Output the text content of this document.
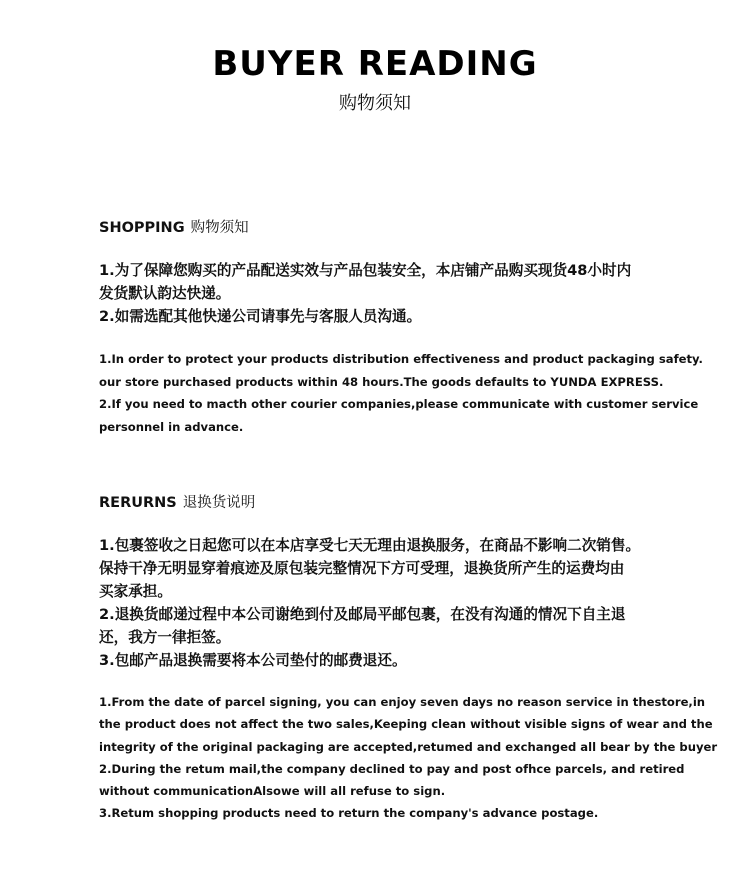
BUYER READING
购物须知
SHOPPING 购物须知

1.为了保障您购买的产品配送实效与产品包装安全，本店铺产品购买现货48小时内

发货默认韵达快递。

2.如需选配其他快递公司请事先与客服人员沟通。

1.In order to protect your products distribution effectiveness and product packaging safety.

our store purchased products within 48 hours.The goods defaults to YUNDA EXPRESS.

2.If you need to macth other courier companies,please communicate with customer service

personnel in advance.

RERURNS 退换货说明

1.包裹签收之日起您可以在本店享受七天无理由退换服务，在商品不影响二次销售。

保持干净无明显穿着痕迹及原包装完整情况下方可受理，退换货所产生的运费均由

买家承担。

2.退换货邮递过程中本公司谢绝到付及邮局平邮包裹，在没有沟通的情况下自主退

还，我方一律拒签。

3.包邮产品退换需要将本公司垫付的邮费退还。

1.From the date of parcel signing, you can enjoy seven days no reason service in thestore,in

the product does not affect the two sales,Keeping clean without visible signs of wear and the

integrity of the original packaging are accepted,retumed and exchanged all bear by the buyer

2.During the retum mail,the company declined to pay and post ofhce parcels, and retired

without communicationAlsowe will all refuse to sign.

3.Retum shopping products need to return the company's advance postage.
